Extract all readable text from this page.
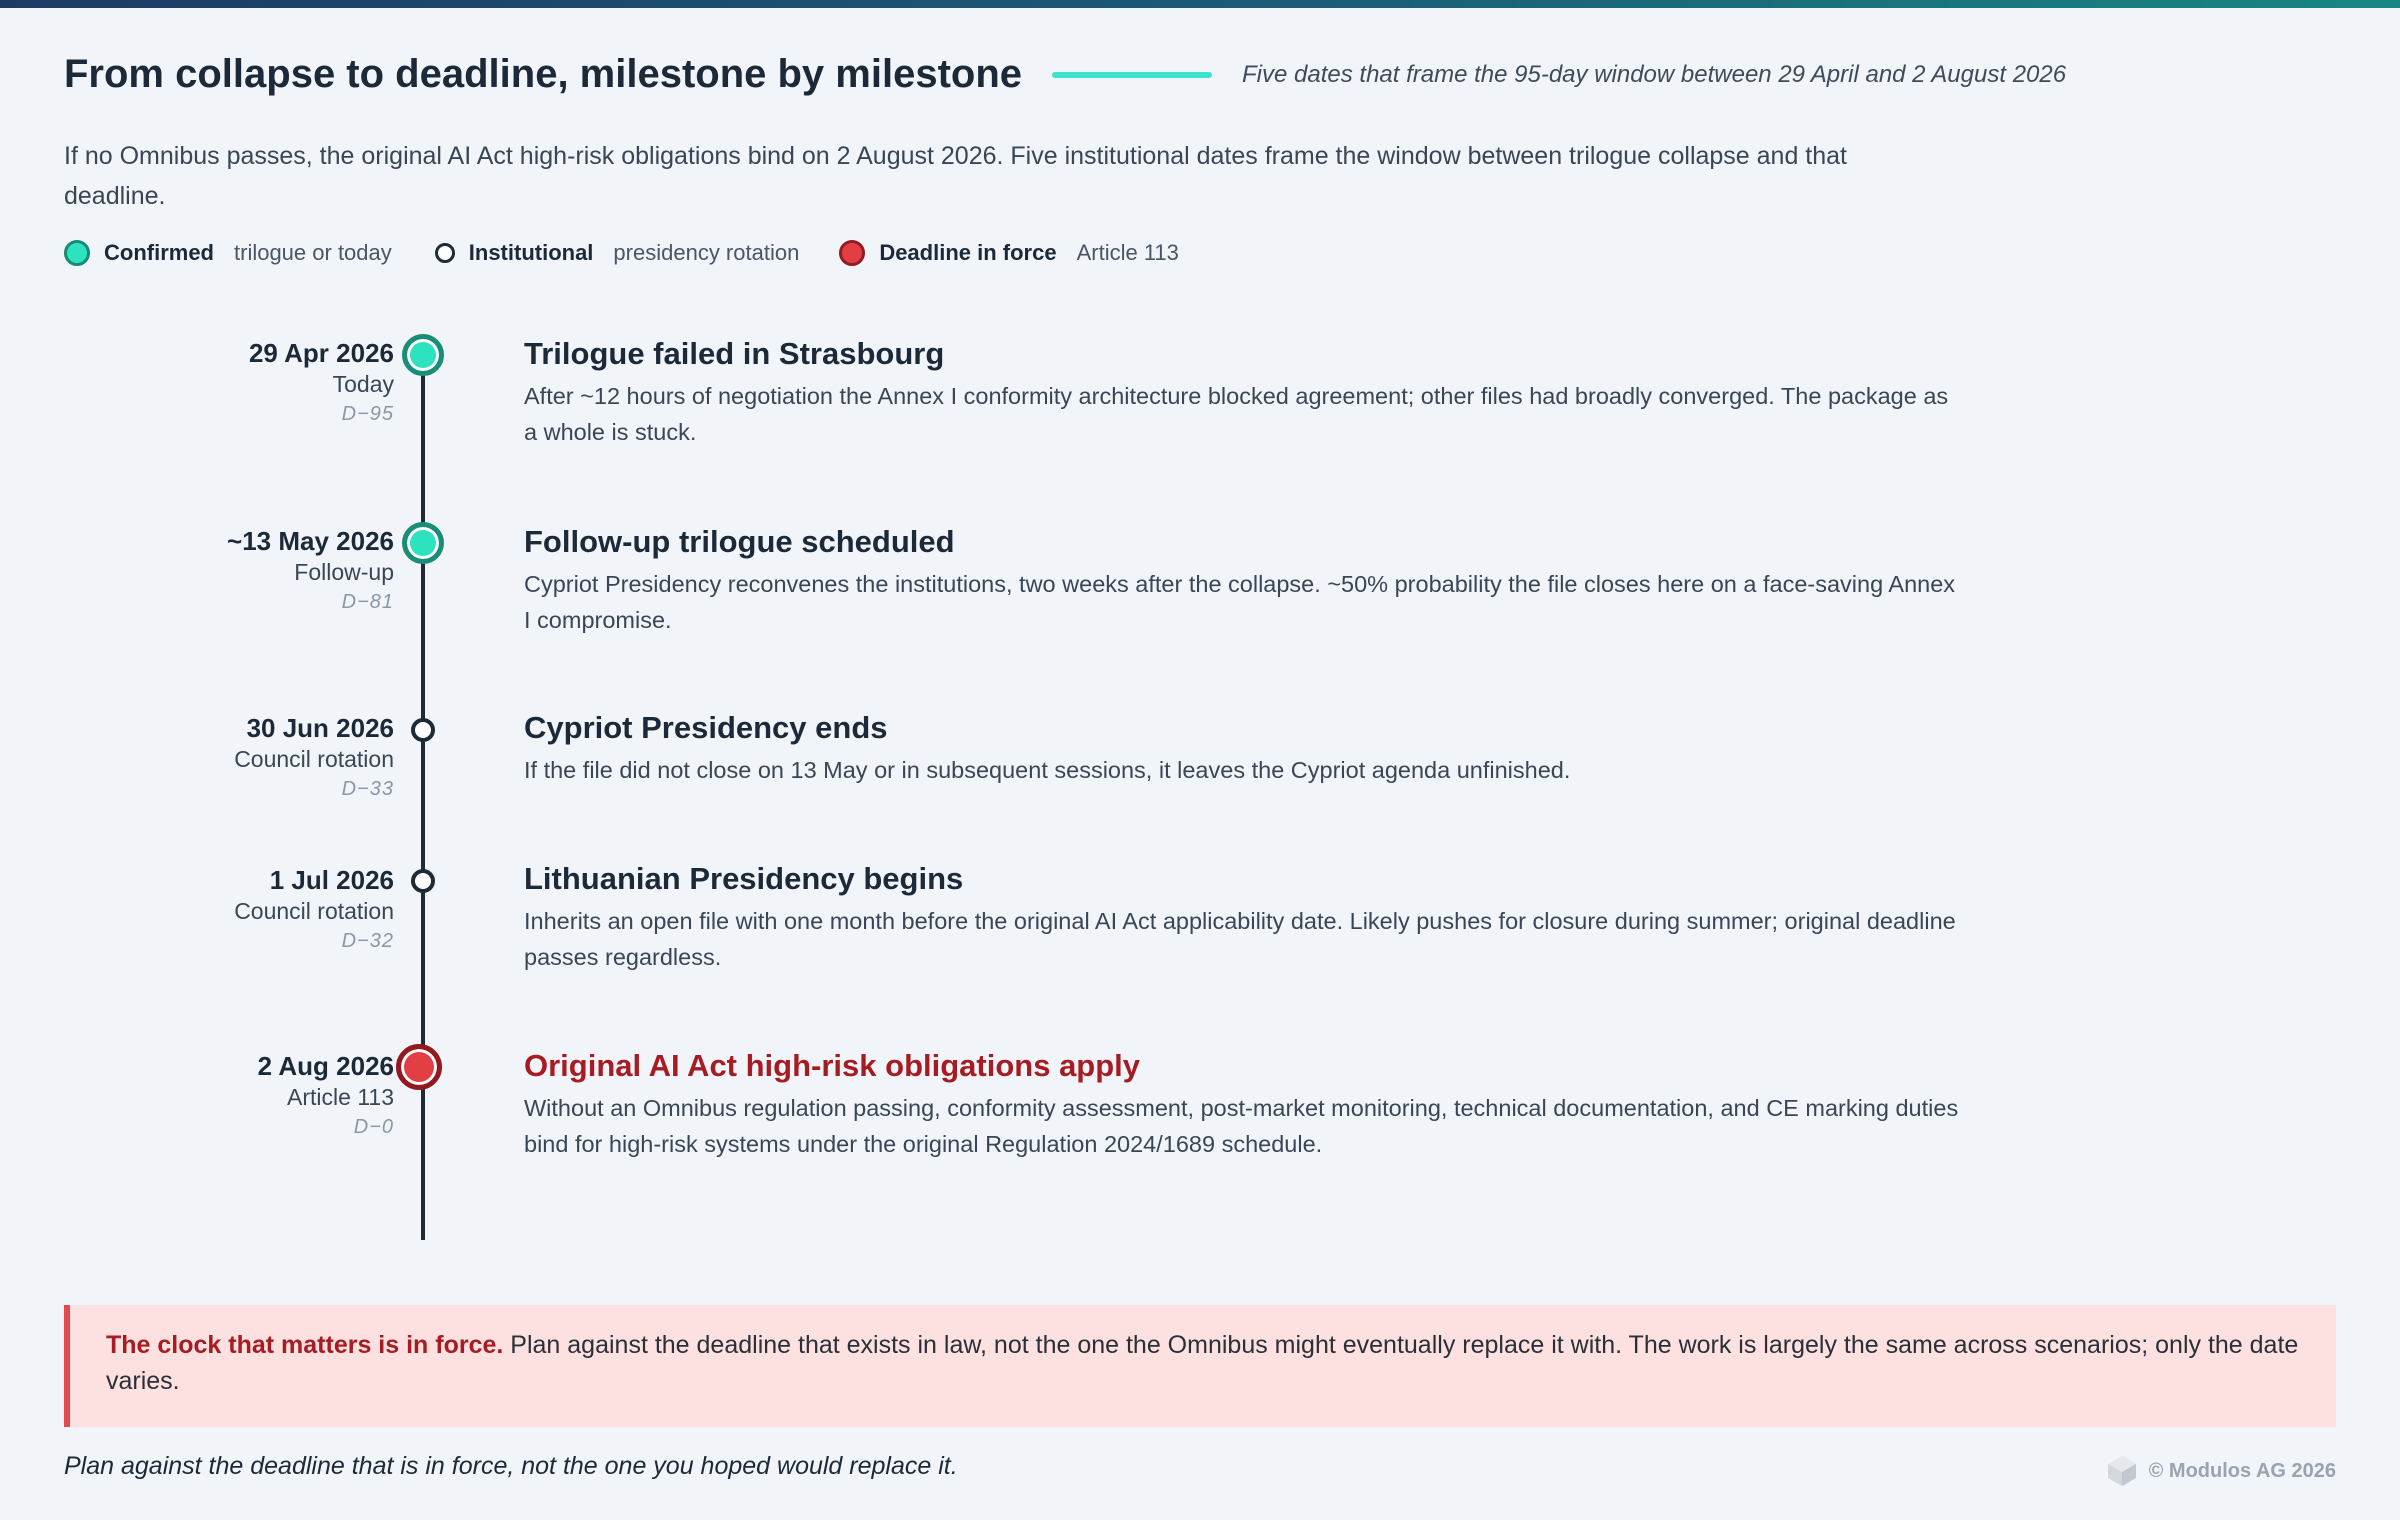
From collapse to deadline, milestone by milestone	Five dates that frame the 95-day window between 29 April and 2 August 2026

If no Omnibus passes, the original AI Act high-risk obligations bind on 2 August 2026. Five institutional dates frame the window between trilogue collapse and that deadline.

Confirmed trilogue or today	Institutional presidency rotation	Deadline in force Article 113
29 Apr 2026
Today
D−95
Trilogue failed in Strasbourg
After ~12 hours of negotiation the Annex I conformity architecture blocked agreement; other files had broadly converged. The package as a whole is stuck.
~13 May 2026
Follow-up
D−81
Follow-up trilogue scheduled
Cypriot Presidency reconvenes the institutions, two weeks after the collapse. ~50% probability the file closes here on a face-saving Annex I compromise.
30 Jun 2026
Council rotation
D−33
Cypriot Presidency ends
If the file did not close on 13 May or in subsequent sessions, it leaves the Cypriot agenda unfinished.
1 Jul 2026
Council rotation
D−32
Lithuanian Presidency begins
Inherits an open file with one month before the original AI Act applicability date. Likely pushes for closure during summer; original deadline passes regardless.
2 Aug 2026
Article 113
D−0
Original AI Act high-risk obligations apply
Without an Omnibus regulation passing, conformity assessment, post-market monitoring, technical documentation, and CE marking duties bind for high-risk systems under the original Regulation 2024/1689 schedule.
The clock that matters is in force. Plan against the deadline that exists in law, not the one the Omnibus might eventually replace it with. The work is largely the same across scenarios; only the date varies.
Plan against the deadline that is in force, not the one you hoped would replace it.	© Modulos AG 2026
